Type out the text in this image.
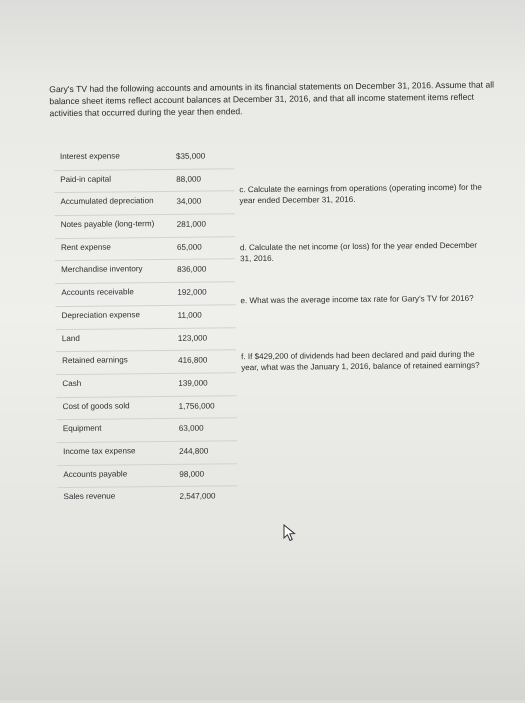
Gary's TV had the following accounts and amounts in its financial statements on December 31, 2016. Assume that all balance sheet items reflect account balances at December 31, 2016, and that all income statement items reflect activities that occurred during the year then ended.
Interest expense	$35,000
Paid-in capital	88,000
Accumulated depreciation	34,000
Notes payable (long-term)	281,000
Rent expense	65,000
Merchandise inventory	836,000
Accounts receivable	192,000
Depreciation expense	11,000
Land	123,000
Retained earnings	416,800
Cash	139,000
Cost of goods sold	1,756,000
Equipment	63,000
Income tax expense	244,800
Accounts payable	98,000
Sales revenue	2,547,000
c. Calculate the earnings from operations (operating income) for the year ended December 31, 2016.
d. Calculate the net income (or loss) for the year ended December 31, 2016.
e. What was the average income tax rate for Gary's TV for 2016?
f. If $429,200 of dividends had been declared and paid during the year, what was the January 1, 2016, balance of retained earnings?
